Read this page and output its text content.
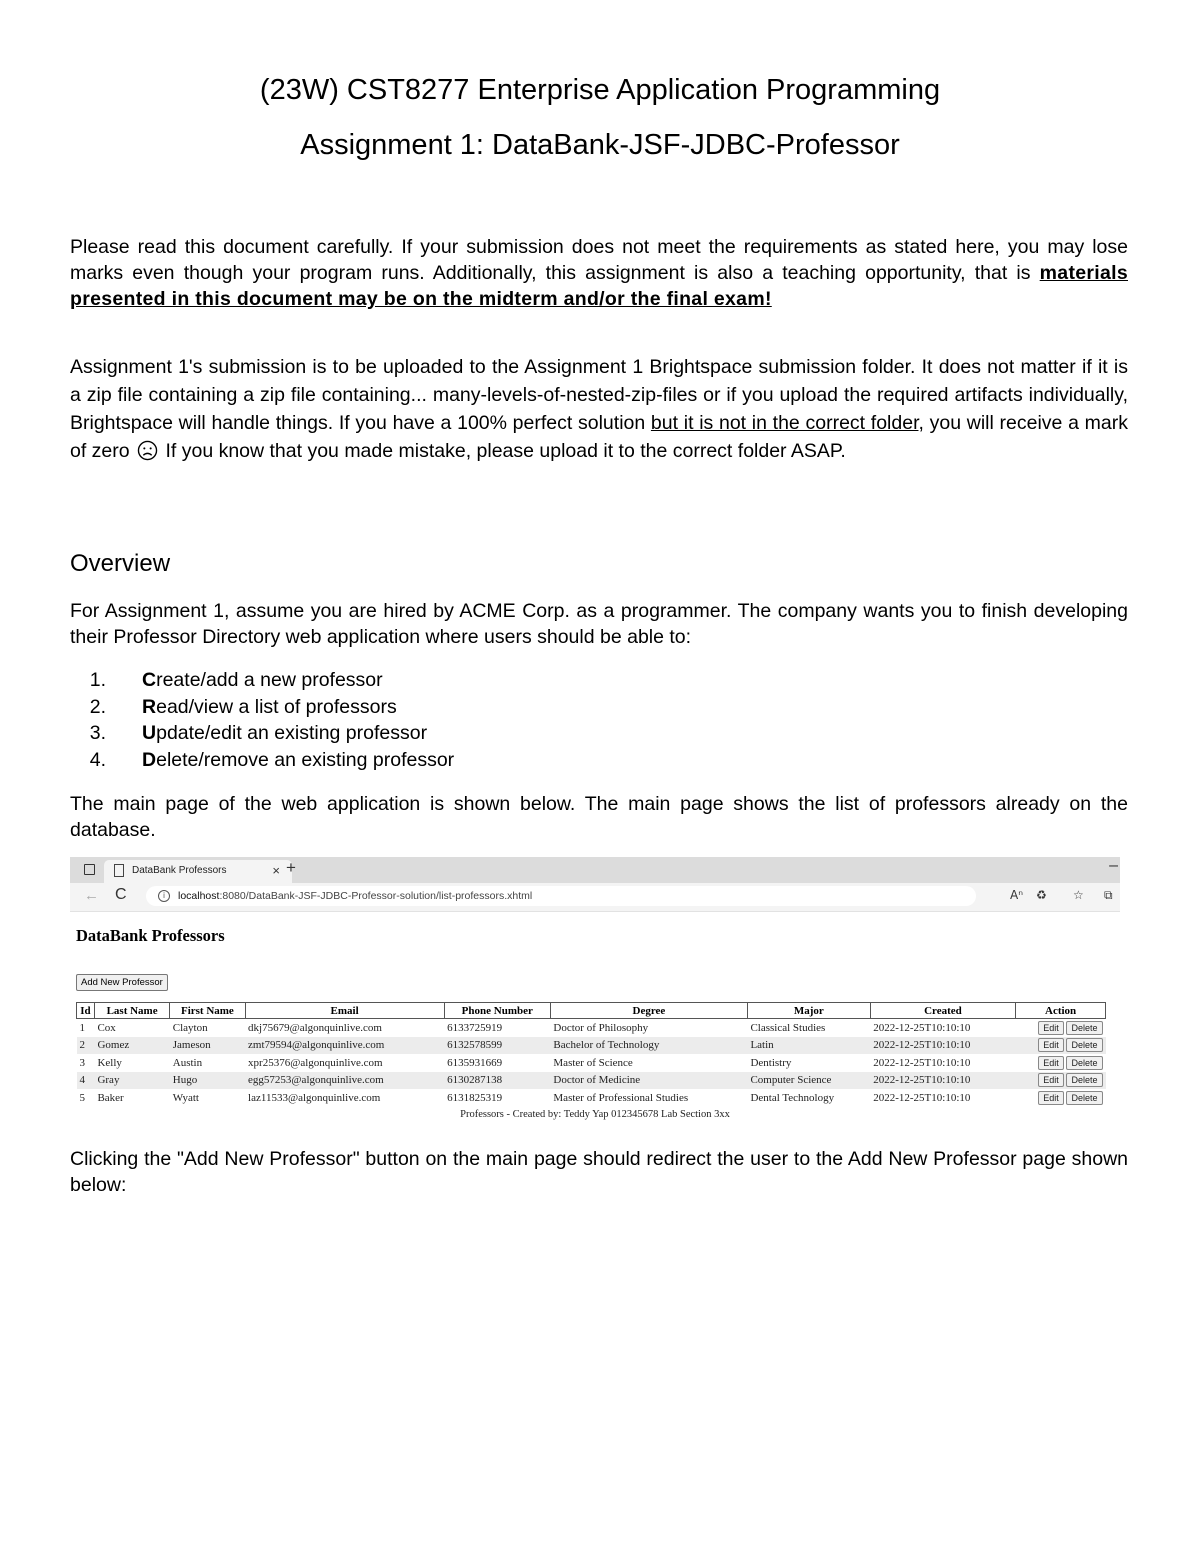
(23W) CST8277 Enterprise Application Programming
Assignment 1: DataBank-JSF-JDBC-Professor

Please read this document carefully. If your submission does not meet the requirements as stated here, you may lose marks even though your program runs. Additionally, this assignment is also a teaching opportunity, that is materials presented in this document may be on the midterm and/or the final exam!

Assignment 1's submission is to be uploaded to the Assignment 1 Brightspace submission folder. It does not matter if it is a zip file containing a zip file containing... many-levels-of-nested-zip-files or if you upload the required artifacts individually, Brightspace will handle things. If you have a 100% perfect solution but it is not in the correct folder, you will receive a mark of zero  If you know that you made mistake, please upload it to the correct folder ASAP.

Overview

For Assignment 1, assume you are hired by ACME Corp. as a programmer. The company wants you to finish developing their Professor Directory web application where users should be able to:

1.	Create/add a new professor
2.	Read/view a list of professors
3.	Update/edit an existing professor
4.	Delete/remove an existing professor

The main page of the web application is shown below. The main page shows the list of professors already on the database.

DataBank Professors	× +	–
← C	i	localhost:8080/DataBank-JSF-JDBC-Professor-solution/list-professors.xhtml	Aⁿ ♻ ☆ ⧉
DataBank Professors
Add New Professor
Id	Last Name	First Name	Email	Phone Number	Degree	Major	Created	Action
1	Cox	Clayton	dkj75679@algonquinlive.com	6133725919	Doctor of Philosophy	Classical Studies	2022-12-25T10:10:10	Edit Delete
2	Gomez	Jameson	zmt79594@algonquinlive.com	6132578599	Bachelor of Technology	Latin	2022-12-25T10:10:10	Edit Delete
3	Kelly	Austin	xpr25376@algonquinlive.com	6135931669	Master of Science	Dentistry	2022-12-25T10:10:10	Edit Delete
4	Gray	Hugo	egg57253@algonquinlive.com	6130287138	Doctor of Medicine	Computer Science	2022-12-25T10:10:10	Edit Delete
5	Baker	Wyatt	laz11533@algonquinlive.com	6131825319	Master of Professional Studies	Dental Technology	2022-12-25T10:10:10	Edit Delete
Professors - Created by: Teddy Yap 012345678 Lab Section 3xx

Clicking the "Add New Professor" button on the main page should redirect the user to the Add New Professor page shown below:
